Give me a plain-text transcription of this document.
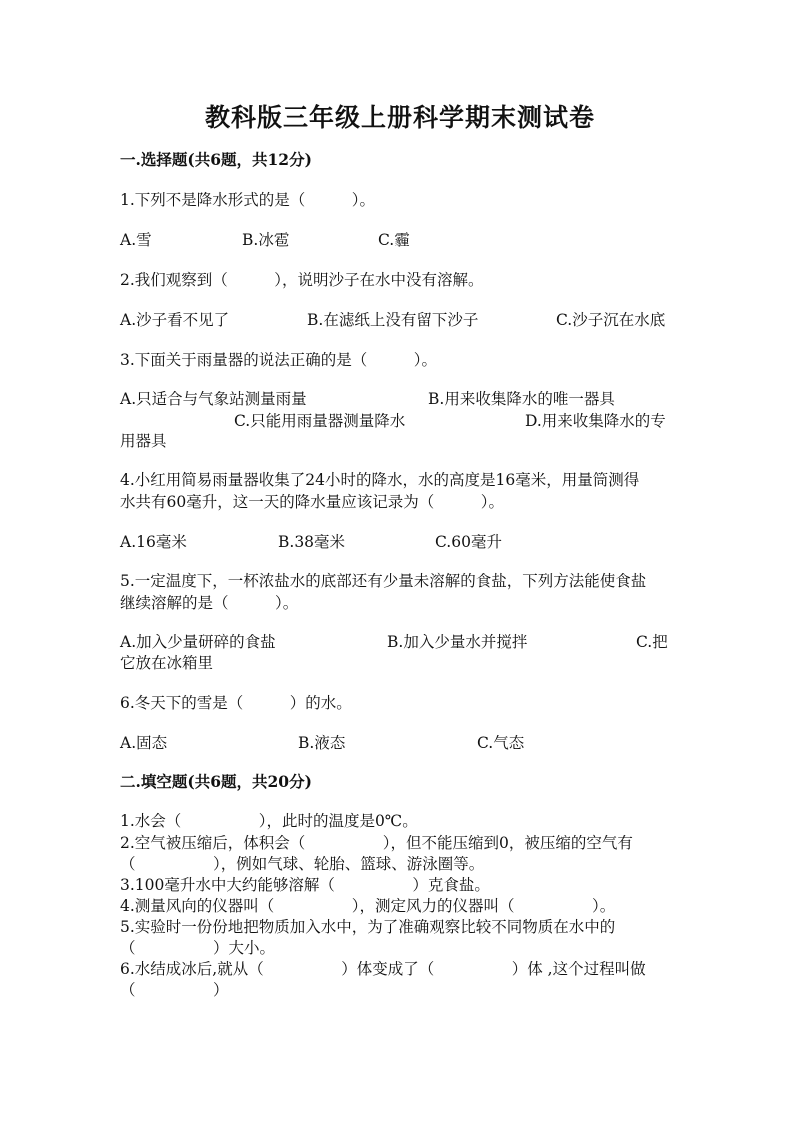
教科版三年级上册科学期末测试卷
一.选择题(共6题，共12分)
1.下列不是降水形式的是（　　　）。
A.雪	B.冰雹	C.霾
2.我们观察到（　　　），说明沙子在水中没有溶解。
A.沙子看不见了	B.在滤纸上没有留下沙子	C.沙子沉在水底
3.下面关于雨量器的说法正确的是（　　　）。
A.只适合与气象站测量雨量	B.用来收集降水的唯一器具
C.只能用雨量器测量降水	D.用来收集降水的专
用器具
4.小红用简易雨量器收集了24小时的降水，水的高度是16毫米，用量筒测得
水共有60毫升，这一天的降水量应该记录为（　　　）。
A.16毫米	B.38毫米	C.60毫升
5.一定温度下，一杯浓盐水的底部还有少量未溶解的食盐，下列方法能使食盐
继续溶解的是（　　　）。
A.加入少量研碎的食盐	B.加入少量水并搅拌	C.把
它放在冰箱里
6.冬天下的雪是（　　　）的水。
A.固态	B.液态	C.气态
二.填空题(共6题，共20分)
1.水会（　　　　　），此时的温度是0℃。
2.空气被压缩后，体积会（　　　　　），但不能压缩到0，被压缩的空气有
（　　　　　），例如气球、轮胎、篮球、游泳圈等。
3.100毫升水中大约能够溶解（　　　　　）克食盐。
4.测量风向的仪器叫（　　　　　），测定风力的仪器叫（　　　　　）。
5.实验时一份份地把物质加入水中，为了准确观察比较不同物质在水中的
（　　　　　）大小。
6.水结成冰后,就从（　　　　　）体变成了（　　　　　）体 ,这个过程叫做
（　　　　　）
